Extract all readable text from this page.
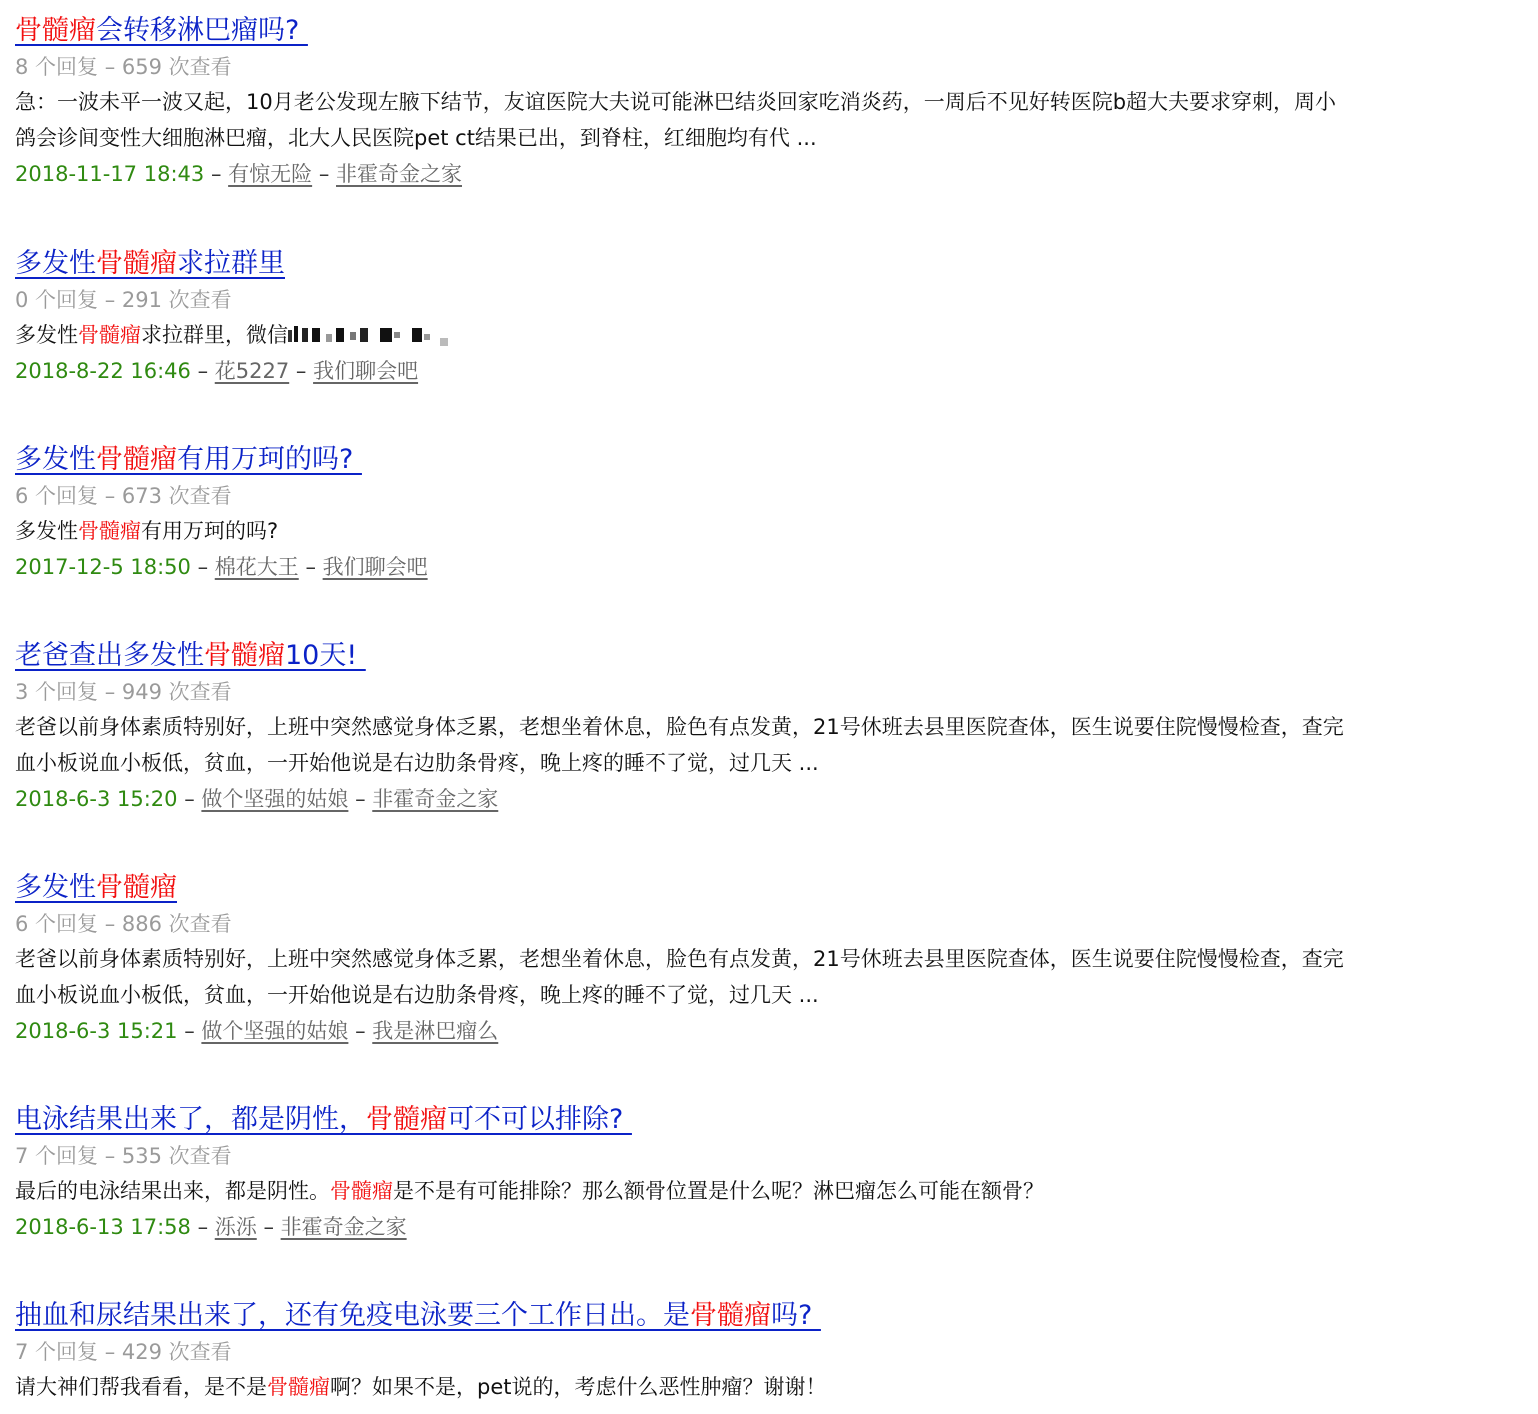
骨髓瘤会转移淋巴瘤吗?
8 个回复 – 659 次查看
急：一波未平一波又起，10月老公发现左腋下结节，友谊医院大夫说可能淋巴结炎回家吃消炎药，一周后不见好转医院b超大夫要求穿刺，周小
鸽会诊间变性大细胞淋巴瘤，北大人民医院pet ct结果已出，到脊柱，红细胞均有代 ...
2018-11-17 18:43 – 有惊无险 – 非霍奇金之家
多发性骨髓瘤求拉群里
0 个回复 – 291 次查看
多发性骨髓瘤求拉群里，微信
2018-8-22 16:46 – 花5227 – 我们聊会吧
多发性骨髓瘤有用万珂的吗?
6 个回复 – 673 次查看
多发性骨髓瘤有用万珂的吗?
2017-12-5 18:50 – 棉花大王 – 我们聊会吧
老爸查出多发性骨髓瘤10天!
3 个回复 – 949 次查看
老爸以前身体素质特别好，上班中突然感觉身体乏累，老想坐着休息，脸色有点发黄，21号休班去县里医院查体，医生说要住院慢慢检查，查完
血小板说血小板低，贫血，一开始他说是右边肋条骨疼，晚上疼的睡不了觉，过几天 ...
2018-6-3 15:20 – 做个坚强的姑娘 – 非霍奇金之家
多发性骨髓瘤
6 个回复 – 886 次查看
老爸以前身体素质特别好，上班中突然感觉身体乏累，老想坐着休息，脸色有点发黄，21号休班去县里医院查体，医生说要住院慢慢检查，查完
血小板说血小板低，贫血，一开始他说是右边肋条骨疼，晚上疼的睡不了觉，过几天 ...
2018-6-3 15:21 – 做个坚强的姑娘 – 我是淋巴瘤么
电泳结果出来了，都是阴性，骨髓瘤可不可以排除?
7 个回复 – 535 次查看
最后的电泳结果出来，都是阴性。骨髓瘤是不是有可能排除？那么额骨位置是什么呢？淋巴瘤怎么可能在额骨？
2018-6-13 17:58 – 泺泺 – 非霍奇金之家
抽血和尿结果出来了，还有免疫电泳要三个工作日出。是骨髓瘤吗?
7 个回复 – 429 次查看
请大神们帮我看看，是不是骨髓瘤啊？如果不是，pet说的，考虑什么恶性肿瘤？谢谢！
